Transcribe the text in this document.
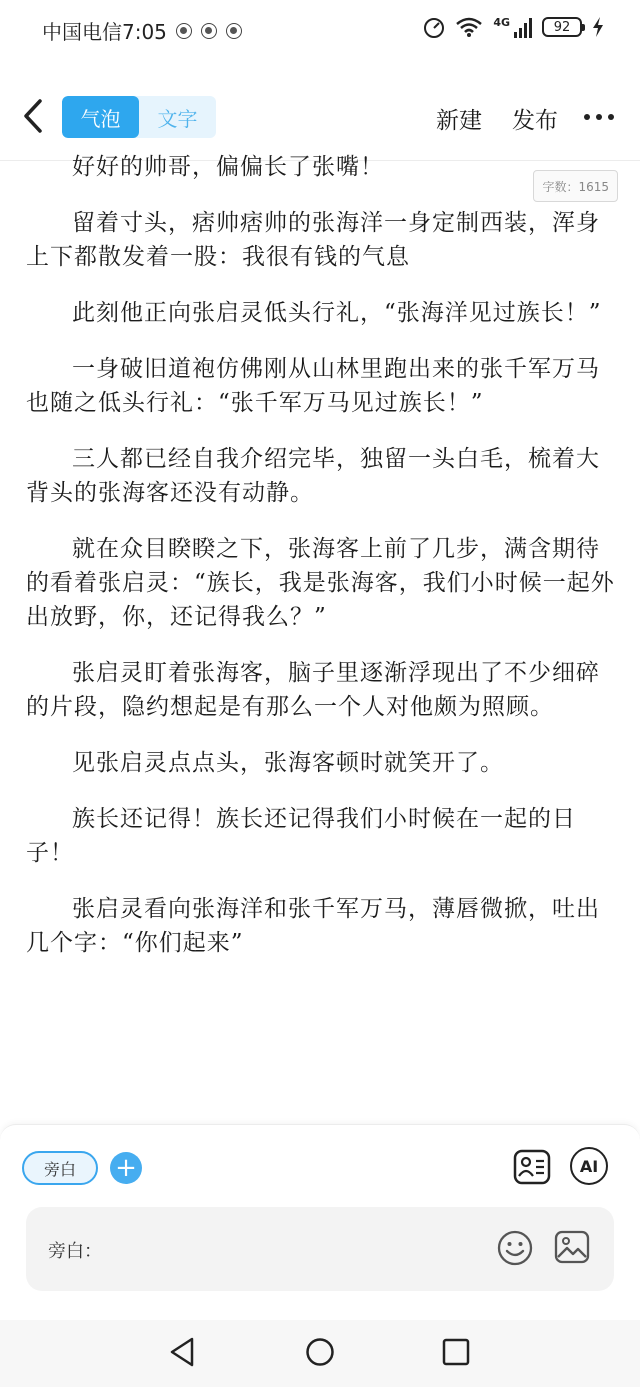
中国电信7:05	4G	92
气泡	文字	新建 发布

好好的帅哥，偏偏长了张嘴！

留着寸头，痞帅痞帅的张海洋一身定制西装，浑身上下都散发着一股：我很有钱的气息

此刻他正向张启灵低头行礼，“张海洋见过族长！”

一身破旧道袍仿佛刚从山林里跑出来的张千军万马也随之低头行礼：“张千军万马见过族长！”

三人都已经自我介绍完毕，独留一头白毛，梳着大背头的张海客还没有动静。

就在众目睽睽之下，张海客上前了几步，满含期待的看着张启灵：“族长，我是张海客，我们小时候一起外出放野，你，还记得我么？”

张启灵盯着张海客，脑子里逐渐浮现出了不少细碎的片段，隐约想起是有那么一个人对他颇为照顾。

见张启灵点点头，张海客顿时就笑开了。

族长还记得！族长还记得我们小时候在一起的日子！

张启灵看向张海洋和张千军万马，薄唇微掀，吐出几个字：“你们起来”

字数：1615
旁白	+	AI
旁白：
